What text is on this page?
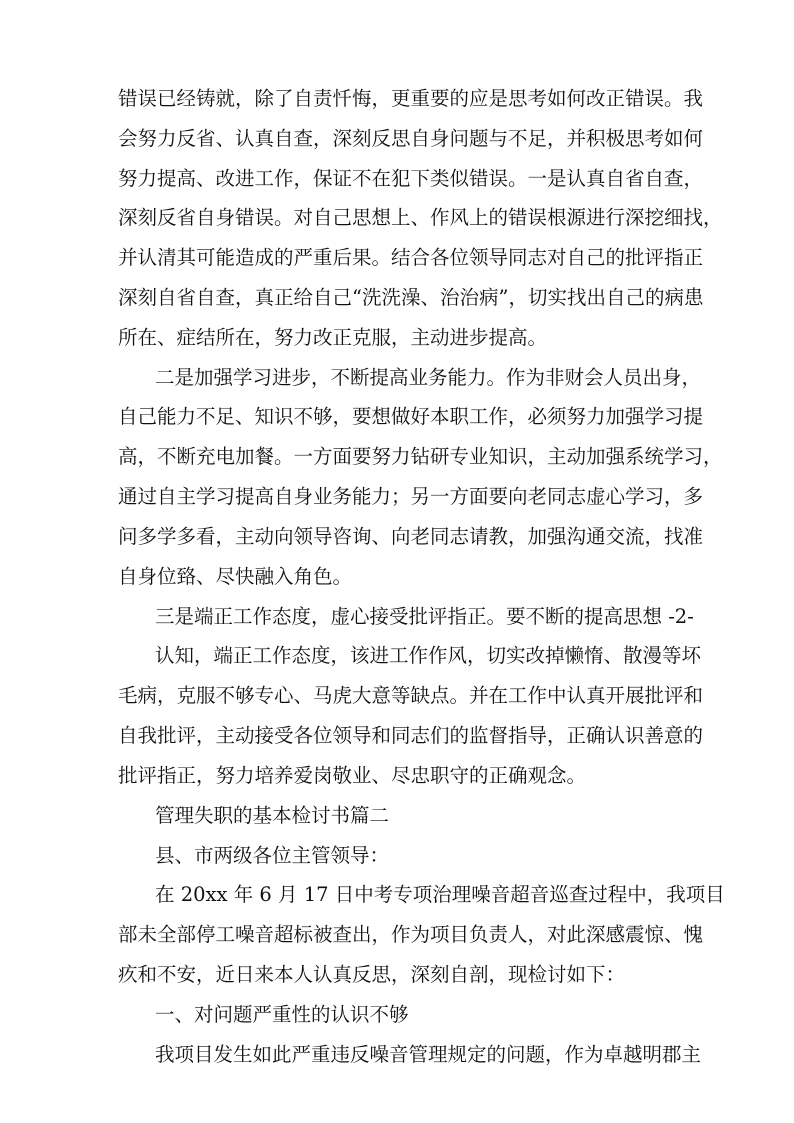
错误已经铸就，除了自责忏悔，更重要的应是思考如何改正错误。我
会努力反省、认真自查，深刻反思自身问题与不足，并积极思考如何
努力提高、改进工作，保证不在犯下类似错误。一是认真自省自查，
深刻反省自身错误。对自己思想上、作风上的错误根源进行深挖细找，
并认清其可能造成的严重后果。结合各位领导同志对自己的批评指正
深刻自省自查，真正给自己“洗洗澡、治治病”，切实找出自己的病患
所在、症结所在，努力改正克服，主动进步提高。
二是加强学习进步，不断提高业务能力。作为非财会人员出身，
自己能力不足、知识不够，要想做好本职工作，必须努力加强学习提
高，不断充电加餐。一方面要努力钻研专业知识，主动加强系统学习，
通过自主学习提高自身业务能力；另一方面要向老同志虚心学习，多
问多学多看，主动向领导咨询、向老同志请教，加强沟通交流，找准
自身位臵、尽快融入角色。
三是端正工作态度，虚心接受批评指正。要不断的提高思想 -2-
认知，端正工作态度，该进工作作风，切实改掉懒惰、散漫等坏
毛病，克服不够专心、马虎大意等缺点。并在工作中认真开展批评和
自我批评，主动接受各位领导和同志们的监督指导，正确认识善意的
批评指正，努力培养爱岗敬业、尽忠职守的正确观念。
管理失职的基本检讨书篇二
县、市两级各位主管领导：
在 20xx 年 6 月 17 日中考专项治理噪音超音巡查过程中，我项目
部未全部停工噪音超标被查出，作为项目负责人，对此深感震惊、愧
疚和不安，近日来本人认真反思，深刻自剖，现检讨如下：
一、对问题严重性的认识不够
我项目发生如此严重违反噪音管理规定的问题，作为卓越明郡主
